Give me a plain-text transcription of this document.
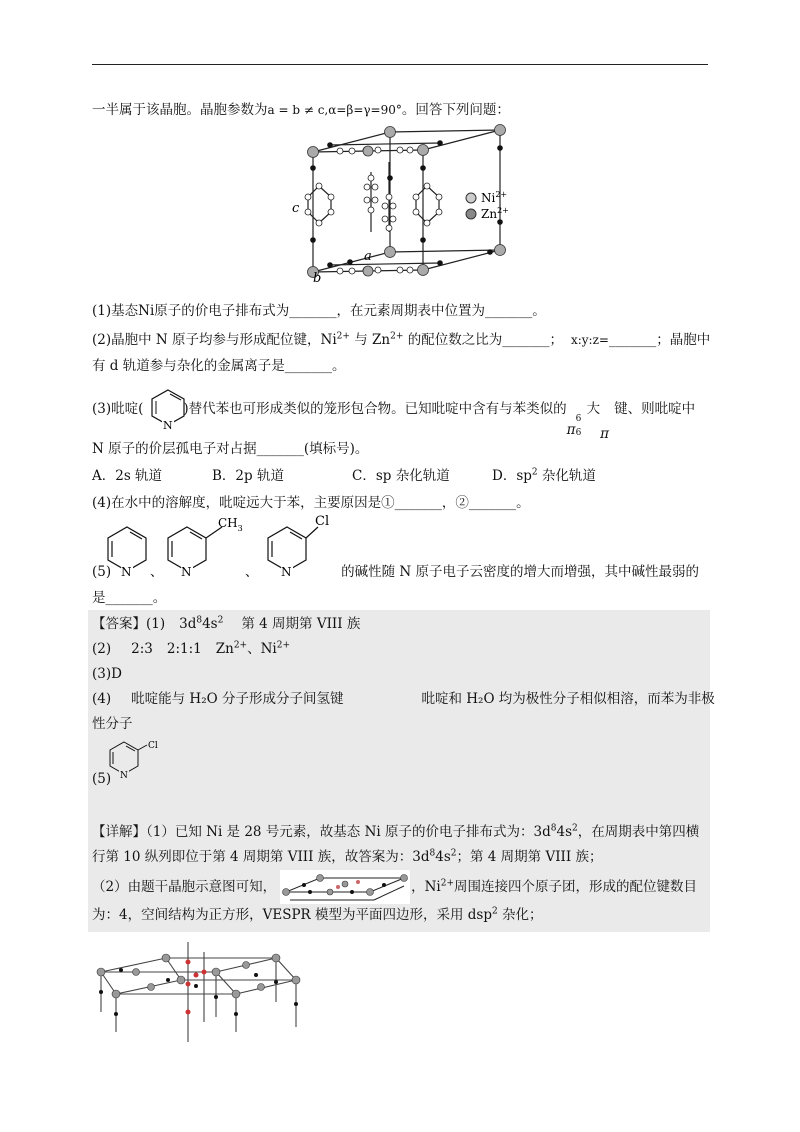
一半属于该晶胞。晶胞参数为a = b ≠ c,α=β=γ=90°。回答下列问题：
c
a
b
$Ni^{2+}$
$Zn^{2+}$
(1)基态Ni原子的价电子排布式为_______，在元素周期表中位置为_______。
(2)晶胞中 N 原子均参与形成配位键，$Ni^{2+}$ 与 $Zn^{2+}$ 的配位数之比为_______； x:y:z=_______；晶胞中
有 d 轨道参与杂化的金属离子是_______。
(3)吡啶(	)替代苯也可形成类似的笼形包合物。已知吡啶中含有与苯类似的
π
6
6
大
π
键、则吡啶中
N
N 原子的价层孤电子对占据_______(填标号)。
A．2s 轨道	B．2p 轨道	C．sp 杂化轨道	D．$sp^2$ 杂化轨道
(4)在水中的溶解度，吡啶远大于苯，主要原因是①_______，②_______。
N	N	N
$CH_3$	Cl
、	、
(5)	的碱性随 N 原子电子云密度的增大而增强，其中碱性最弱的
是_______。
【答案】(1) $3d^84s^2$ 第 4 周期第 VIII 族
(2) 2:3 2:1:1 $Zn^{2+}$、$Ni^{2+}$
(3)D
(4) 吡啶能与 H₂O 分子形成分子间氢键	吡啶和 H₂O 均为极性分子相似相溶，而苯为非极
性分子
N
Cl
(5)
【详解】（1）已知 Ni 是 28 号元素，故基态 Ni 原子的价电子排布式为：$3d^84s^2$，在周期表中第四横
行第 10 纵列即位于第 4 周期第 VIII 族，故答案为：$3d^84s^2$；第 4 周期第 VIII 族；
（2）由题干晶胞示意图可知，	，$Ni^{2+}$周围连接四个原子团，形成的配位键数目
为：4，空间结构为正方形，VESPR 模型为平面四边形，采用 dsp$^2$ 杂化；
